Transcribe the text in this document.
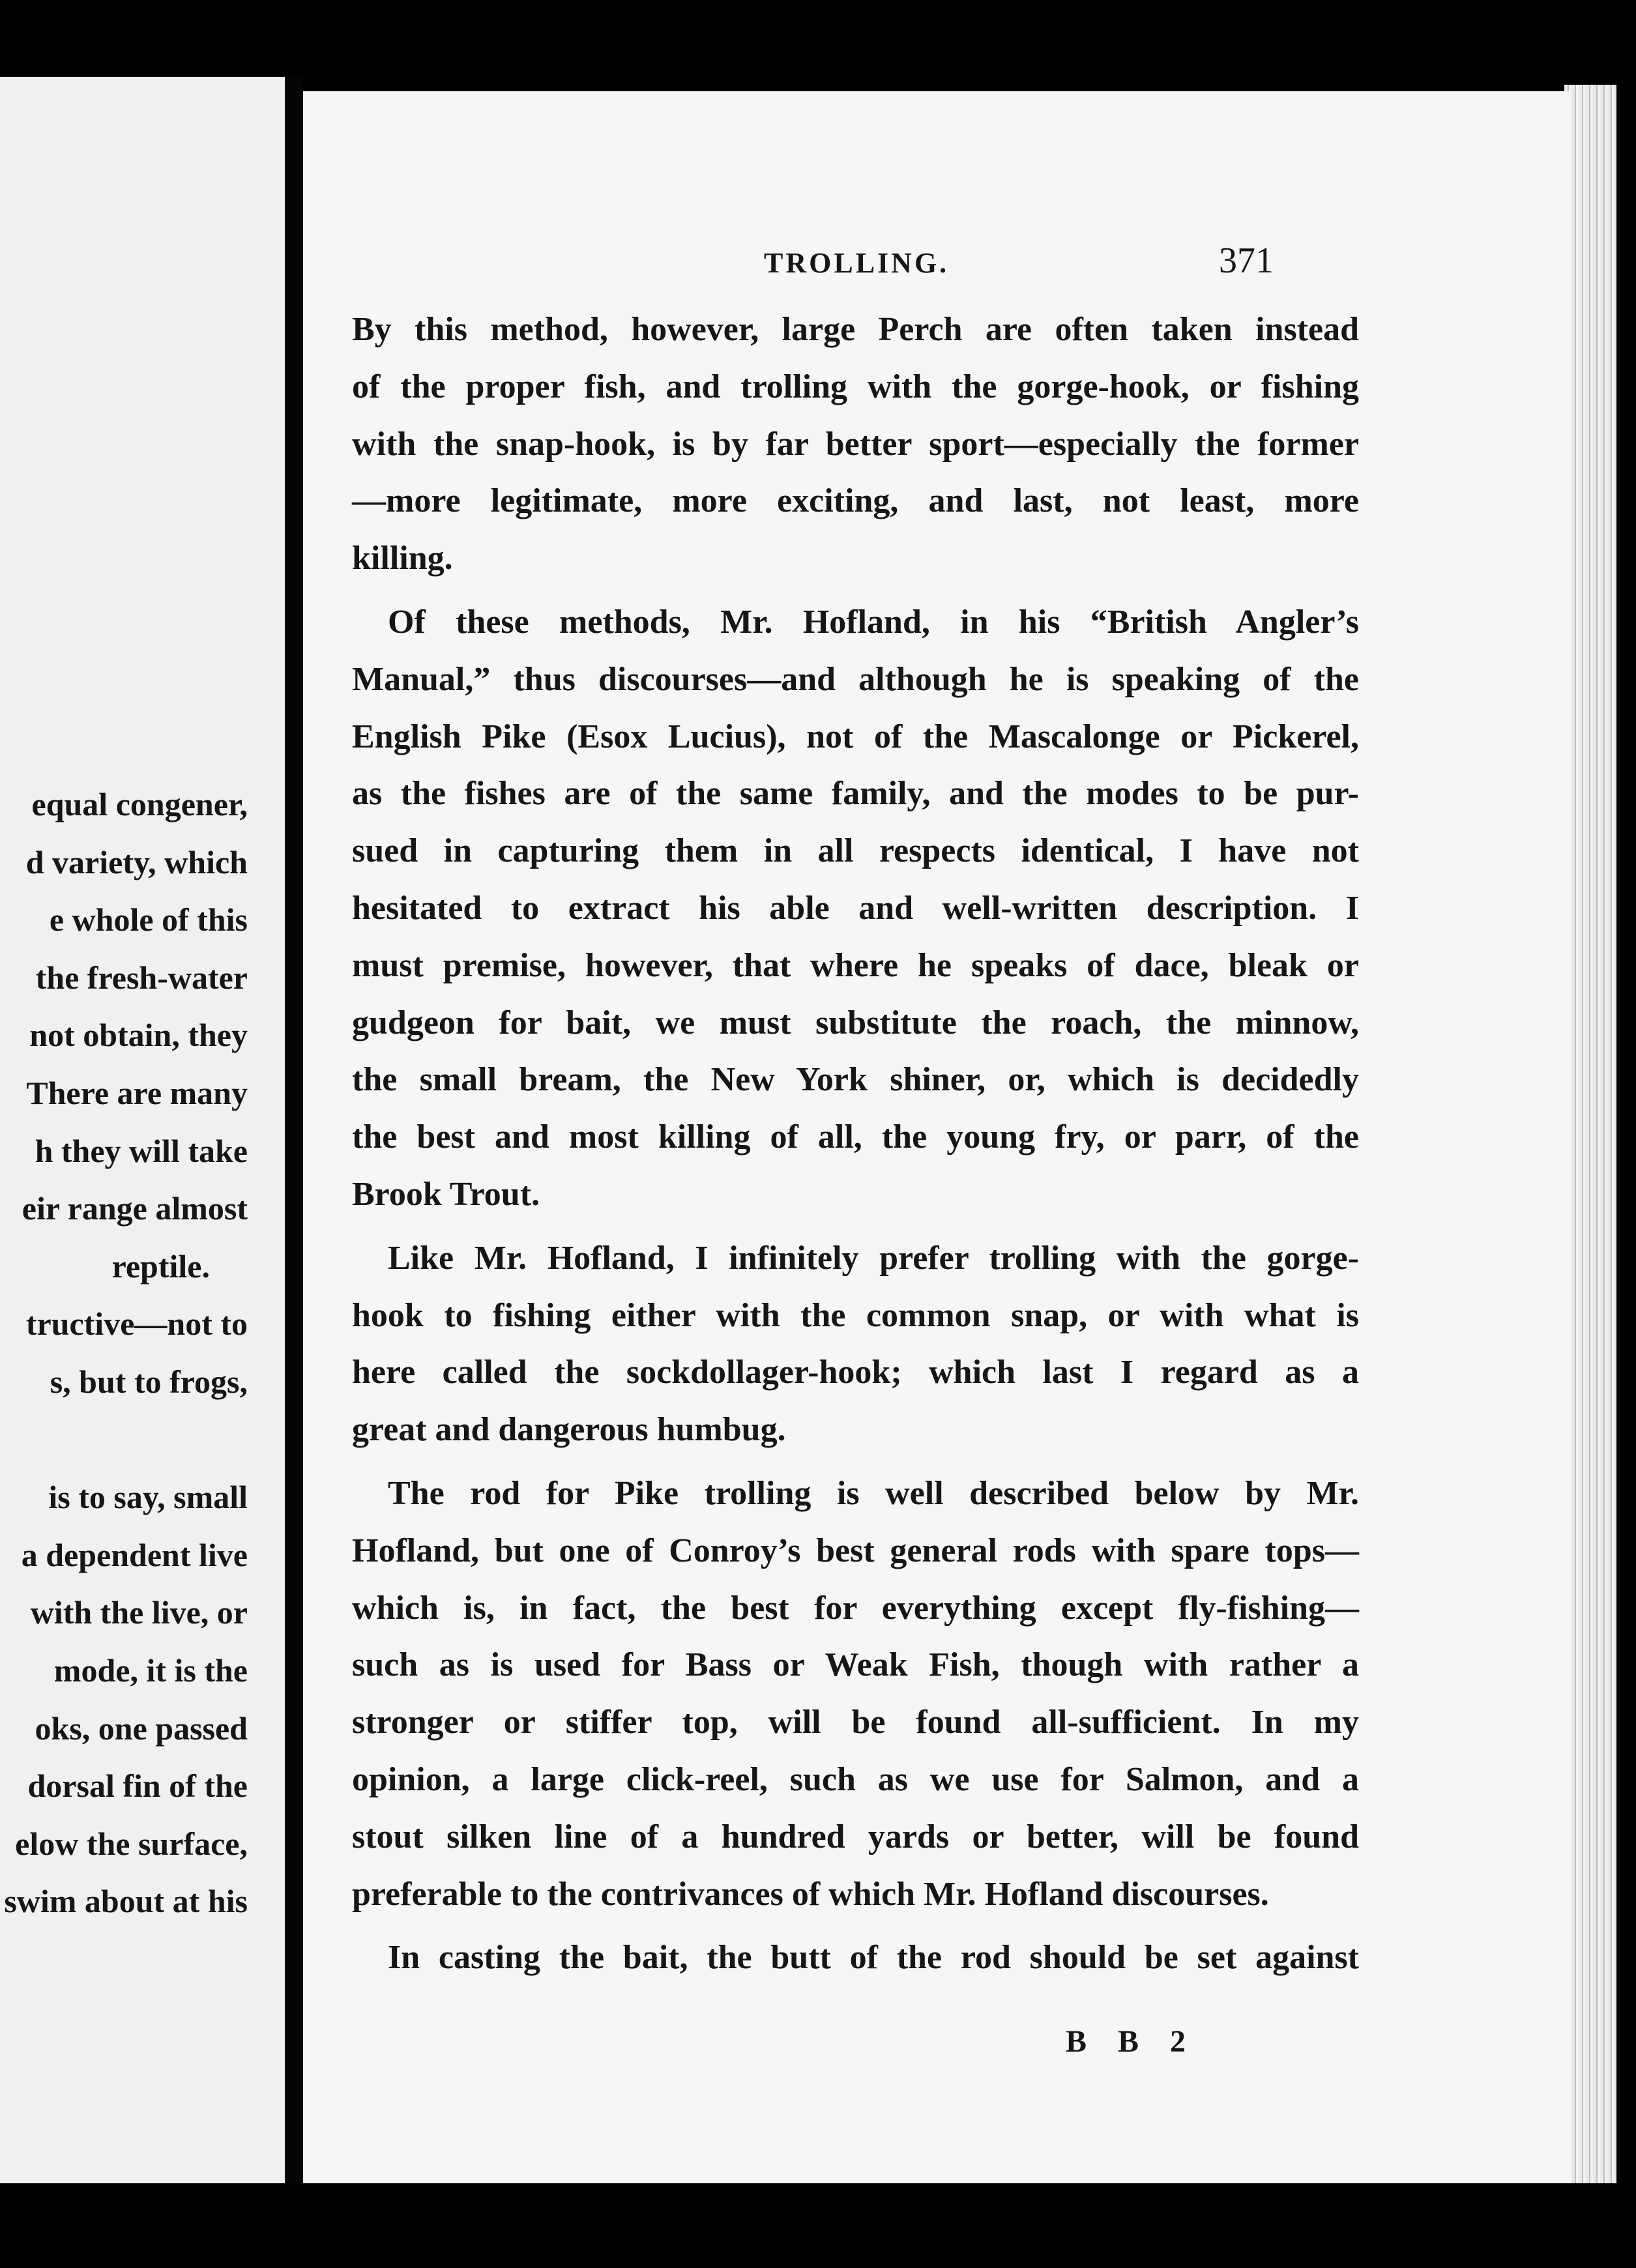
equal congener,
d variety, which
e whole of this
the fresh-water
not obtain, they
There are many
h they will take
eir range almost
reptile.
tructive—not to
s, but to frogs,
is to say, small
a dependent live
with the live, or
mode, it is the
oks, one passed
dorsal fin of the
elow the surface,
swim about at his
TROLLING.	371
By this method, however, large Perch are often taken instead
of the proper fish, and trolling with the gorge-hook, or fishing
with the snap-hook, is by far better sport—especially the former
—more legitimate, more exciting, and last, not least, more
killing.
Of these methods, Mr. Hofland, in his “British Angler’s
Manual,” thus discourses—and although he is speaking of the
English Pike (Esox Lucius), not of the Mascalonge or Pickerel,
as the fishes are of the same family, and the modes to be pur-
sued in capturing them in all respects identical, I have not
hesitated to extract his able and well-written description. I
must premise, however, that where he speaks of dace, bleak or
gudgeon for bait, we must substitute the roach, the minnow,
the small bream, the New York shiner, or, which is decidedly
the best and most killing of all, the young fry, or parr, of the
Brook Trout.
Like Mr. Hofland, I infinitely prefer trolling with the gorge-
hook to fishing either with the common snap, or with what is
here called the sockdollager-hook; which last I regard as a
great and dangerous humbug.
The rod for Pike trolling is well described below by Mr.
Hofland, but one of Conroy’s best general rods with spare tops—
which is, in fact, the best for everything except fly-fishing—
such as is used for Bass or Weak Fish, though with rather a
stronger or stiffer top, will be found all-sufficient. In my
opinion, a large click-reel, such as we use for Salmon, and a
stout silken line of a hundred yards or better, will be found
preferable to the contrivances of which Mr. Hofland discourses.
In casting the bait, the butt of the rod should be set against
B B 2
